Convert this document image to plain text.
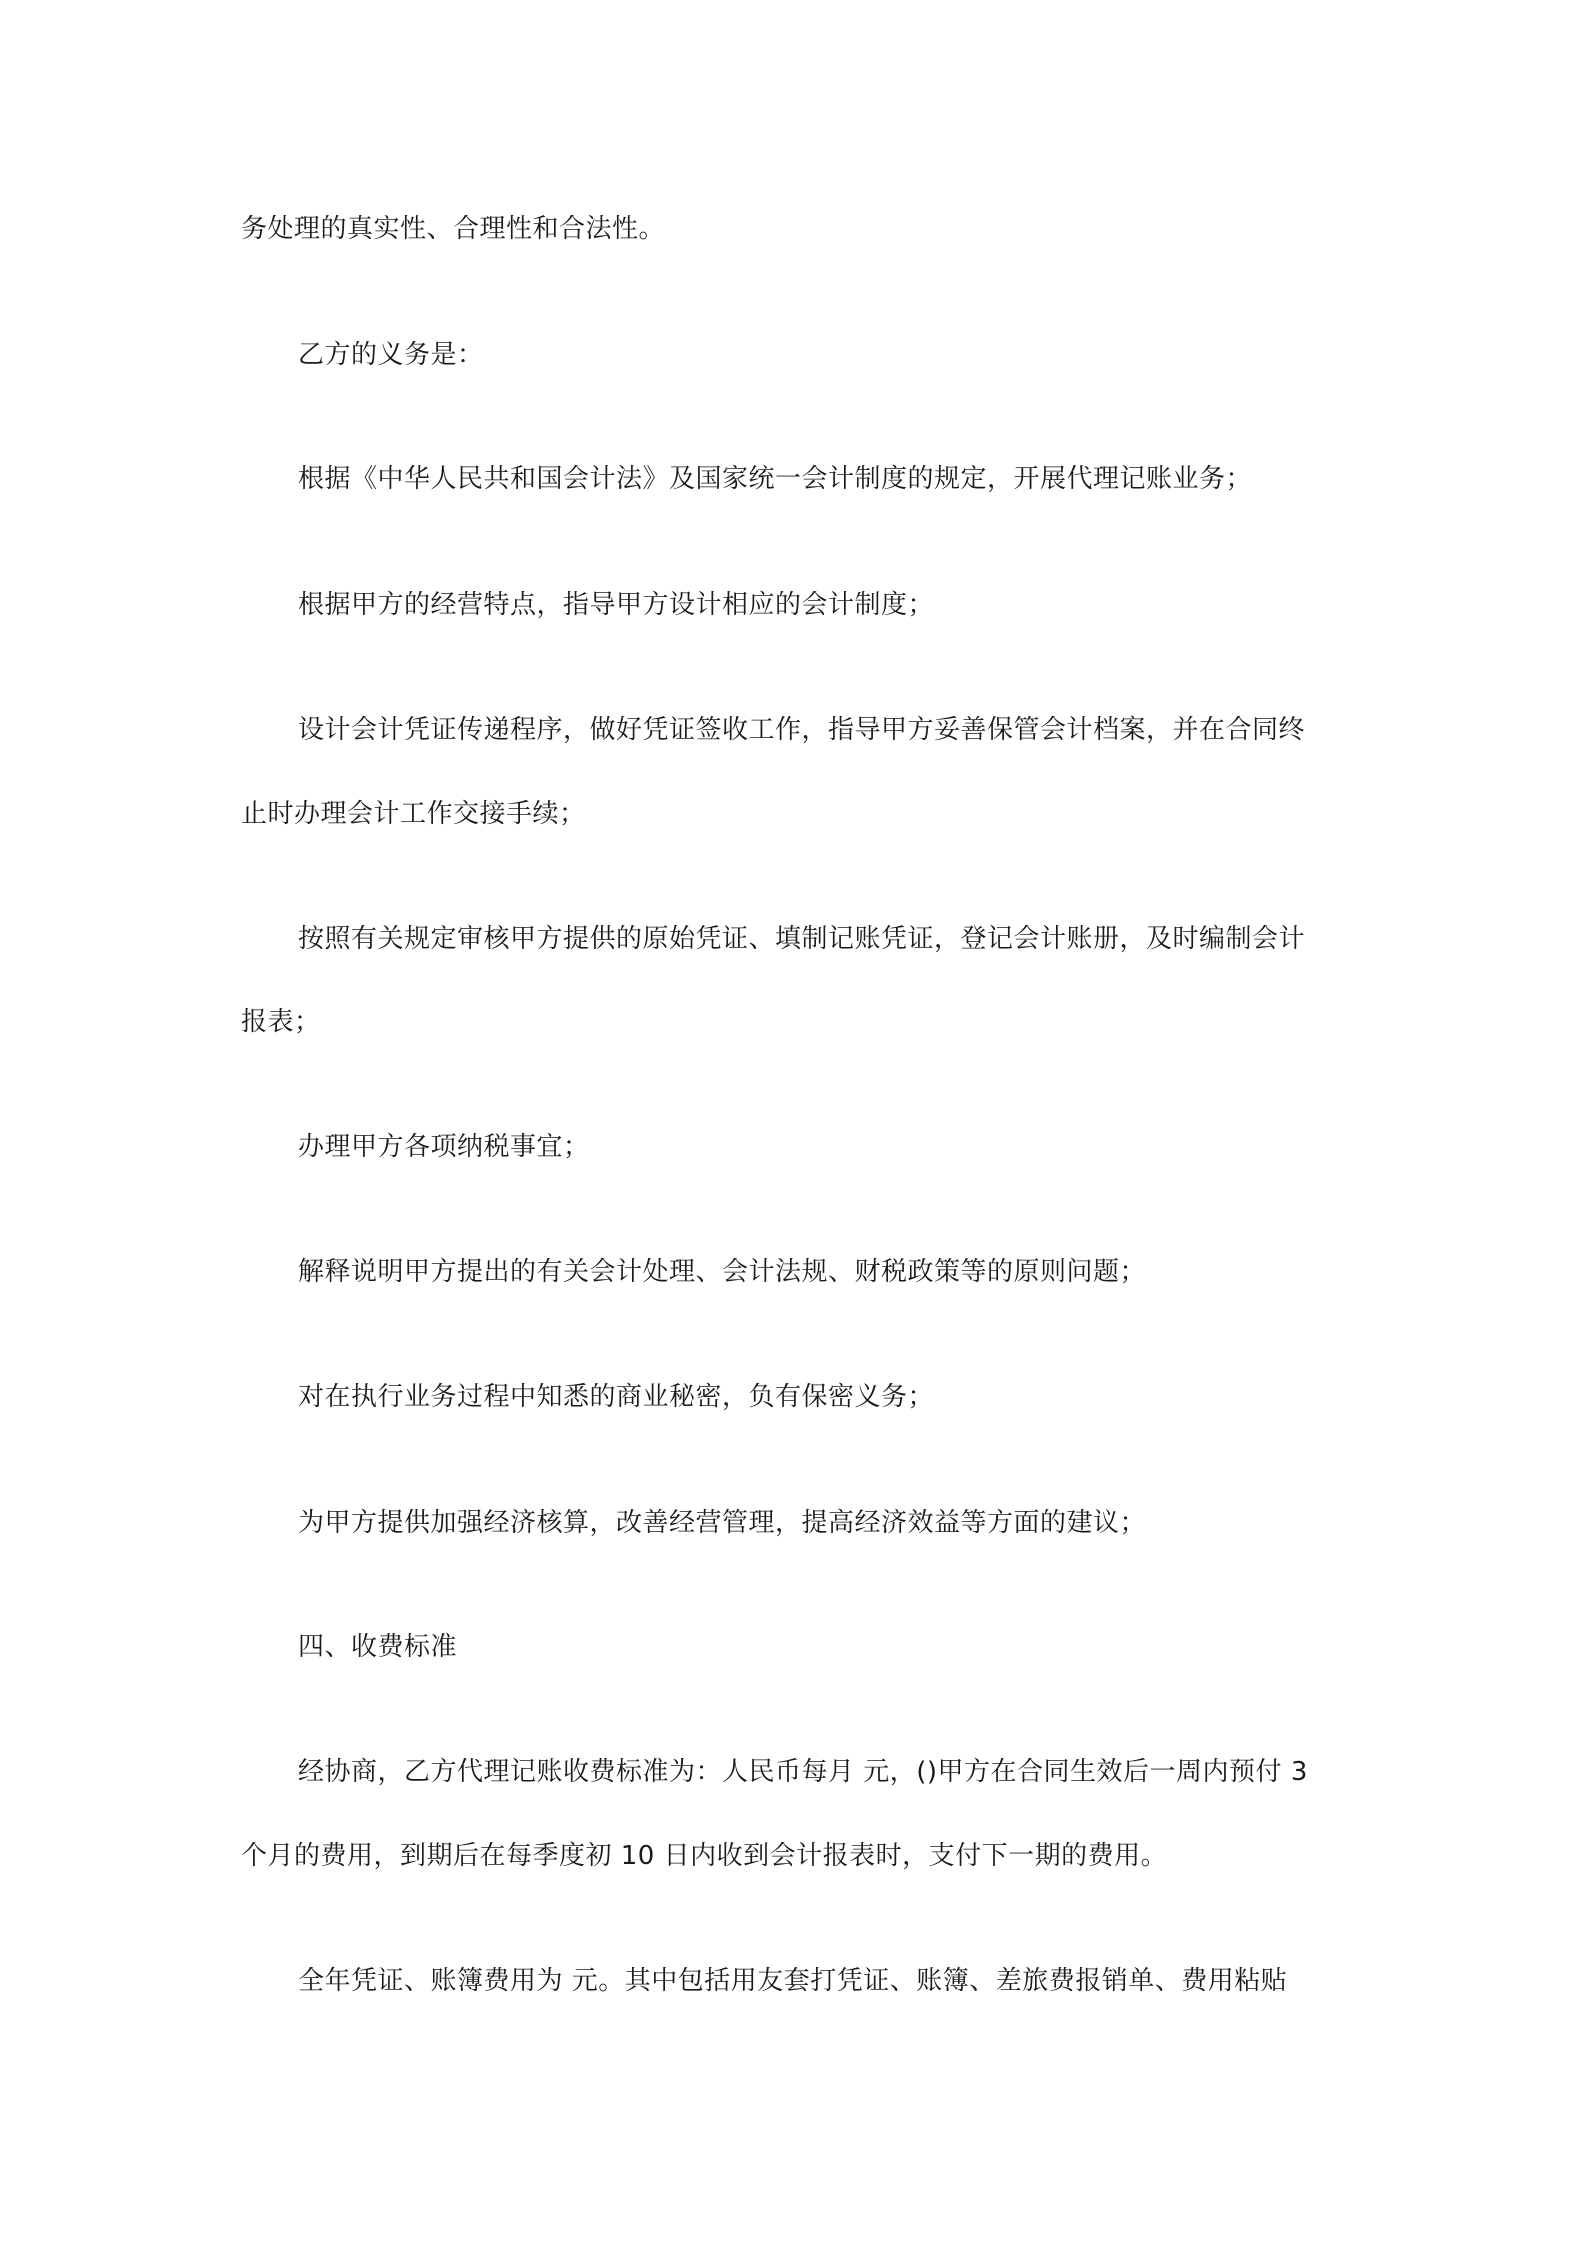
务处理的真实性、合理性和合法性。
乙方的义务是：
根据《中华人民共和国会计法》及国家统一会计制度的规定，开展代理记账业务；
根据甲方的经营特点，指导甲方设计相应的会计制度；
设计会计凭证传递程序，做好凭证签收工作，指导甲方妥善保管会计档案，并在合同终
止时办理会计工作交接手续；
按照有关规定审核甲方提供的原始凭证、填制记账凭证，登记会计账册，及时编制会计
报表；
办理甲方各项纳税事宜；
解释说明甲方提出的有关会计处理、会计法规、财税政策等的原则问题；
对在执行业务过程中知悉的商业秘密，负有保密义务；
为甲方提供加强经济核算，改善经营管理，提高经济效益等方面的建议；
四、收费标准
经协商，乙方代理记账收费标准为：人民币每月 元，()甲方在合同生效后一周内预付 3
个月的费用，到期后在每季度初 10 日内收到会计报表时，支付下一期的费用。
全年凭证、账簿费用为 元。其中包括用友套打凭证、账簿、差旅费报销单、费用粘贴
